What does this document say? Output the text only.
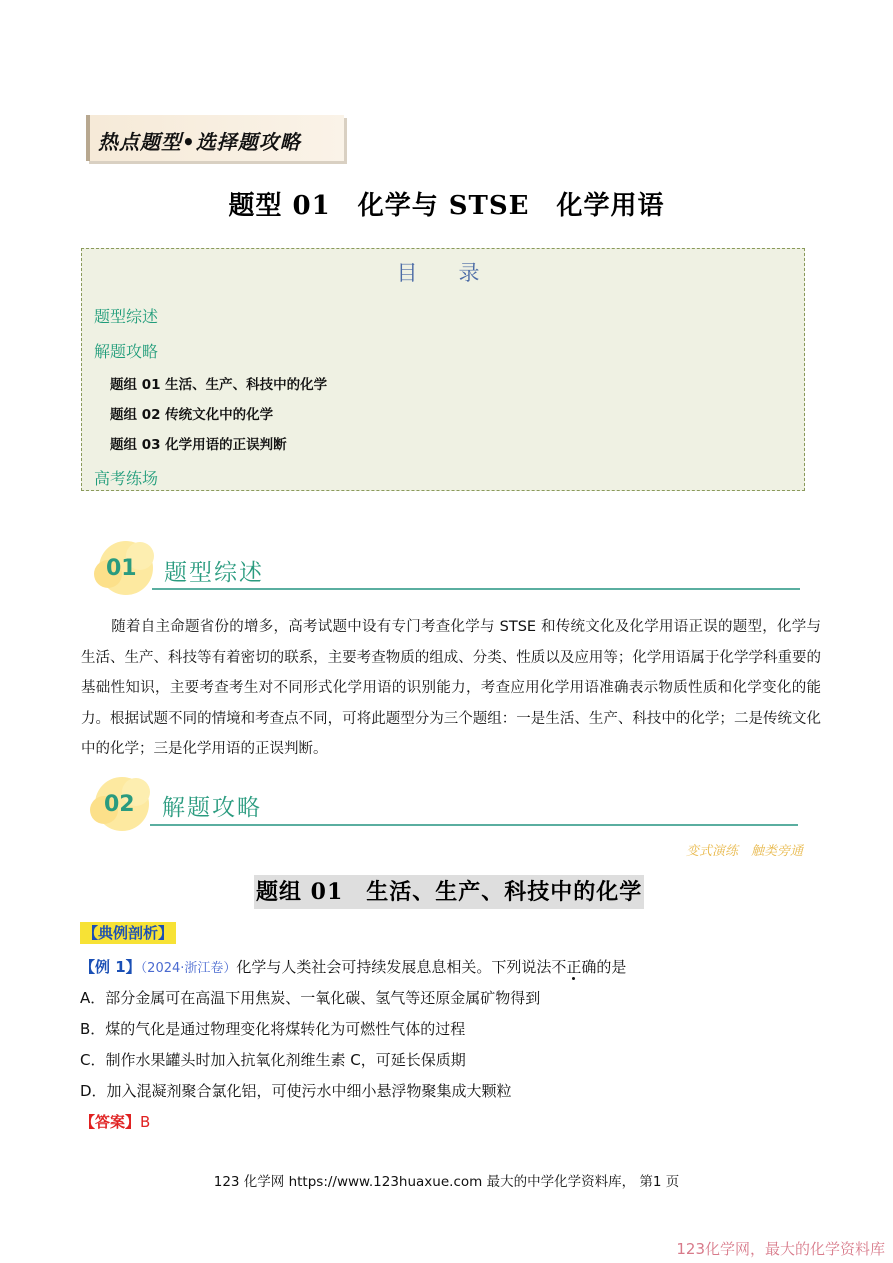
热点题型•选择题攻略
题型 01　化学与 STSE　化学用语
目　录
题型综述
解题攻略
题组 01 生活、生产、科技中的化学
题组 02 传统文化中的化学
题组 03 化学用语的正误判断
高考练场
01 题型综述
随着自主命题省份的增多，高考试题中设有专门考查化学与 STSE 和传统文化及化学用语正误的题型，化学与生活、生产、科技等有着密切的联系，主要考查物质的组成、分类、性质以及应用等；化学用语属于化学学科重要的基础性知识，主要考查考生对不同形式化学用语的识别能力，考查应用化学用语准确表示物质性质和化学变化的能力。根据试题不同的情境和考查点不同，可将此题型分为三个题组：一是生活、生产、科技中的化学；二是传统文化中的化学；三是化学用语的正误判断。
02 解题攻略
变式演练　触类旁通
题组 01　生活、生产、科技中的化学
【典例剖析】
【例 1】（2024·浙江卷）化学与人类社会可持续发展息息相关。下列说法不正确的是
A．部分金属可在高温下用焦炭、一氧化碳、氢气等还原金属矿物得到
B．煤的气化是通过物理变化将煤转化为可燃性气体的过程
C．制作水果罐头时加入抗氧化剂维生素 C，可延长保质期
D．加入混凝剂聚合氯化铝，可使污水中细小悬浮物聚集成大颗粒
【答案】B
123 化学网 https://www.123huaxue.com 最大的中学化学资料库， 第1 页
123化学网，最大的化学资料库
